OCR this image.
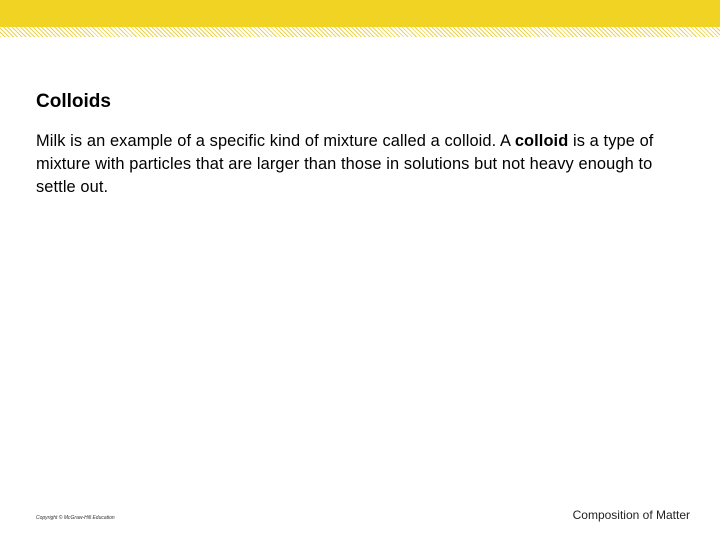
Colloids

Milk is an example of a specific kind of mixture called a colloid. A colloid is a type of mixture with particles that are larger than those in solutions but not heavy enough to settle out.

Copyright © McGraw-Hill Education	Composition of Matter
